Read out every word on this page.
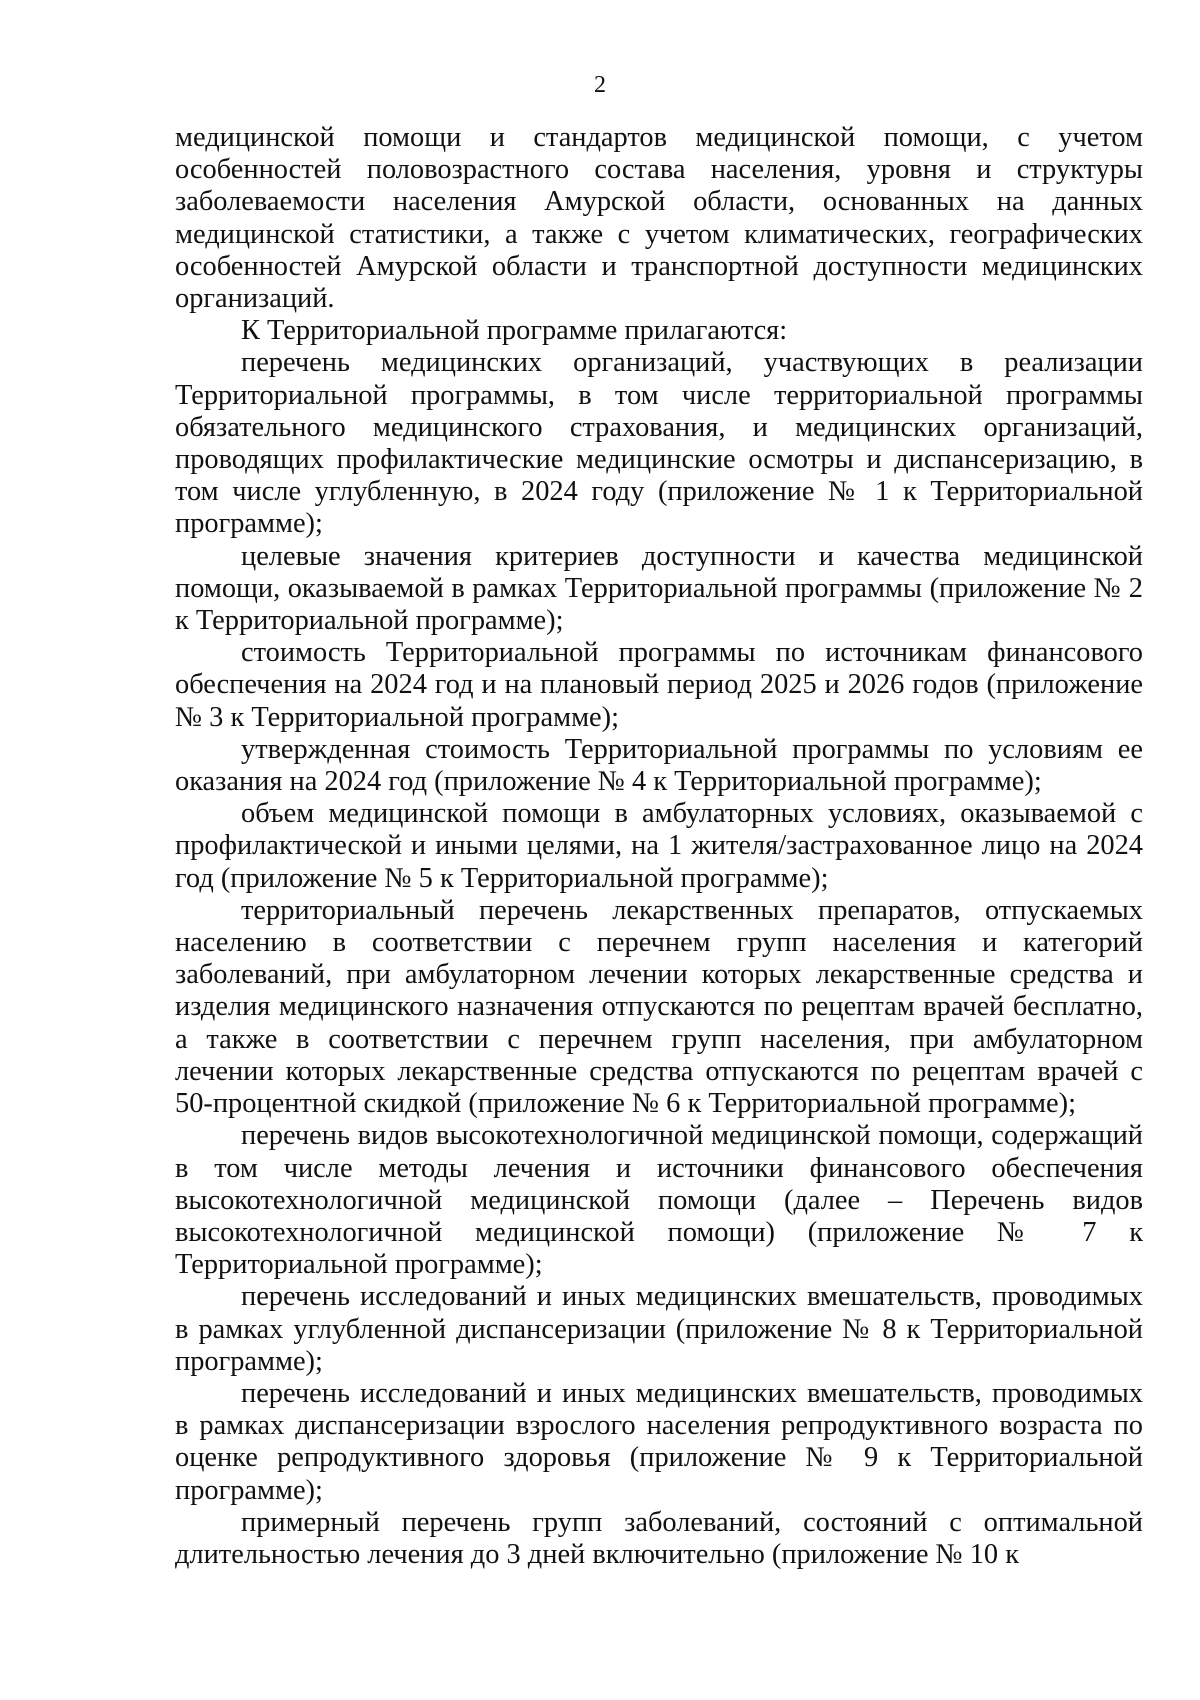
2

медицинской помощи и стандартов медицинской помощи, с учетом особенностей половозрастного состава населения, уровня и структуры заболеваемости населения Амурской области, основанных на данных медицинской статистики, а также с учетом климатических, географических особенностей Амурской области и транспортной доступности медицинских организаций.

К Территориальной программе прилагаются:

перечень медицинских организаций, участвующих в реализации Территориальной программы, в том числе территориальной программы обязательного медицинского страхования, и медицинских организаций, проводящих профилактические медицинские осмотры и диспансеризацию, в том числе углубленную, в 2024 году (приложение № 1 к Территориальной программе);

целевые значения критериев доступности и качества медицинской помощи, оказываемой в рамках Территориальной программы (приложение № 2 к Территориальной программе);

стоимость Территориальной программы по источникам финансового обеспечения на 2024 год и на плановый период 2025 и 2026 годов (приложение № 3 к Территориальной программе);

утвержденная стоимость Территориальной программы по условиям ее оказания на 2024 год (приложение № 4 к Территориальной программе);

объем медицинской помощи в амбулаторных условиях, оказываемой с профилактической и иными целями, на 1 жителя/застрахованное лицо на 2024 год (приложение № 5 к Территориальной программе);

территориальный перечень лекарственных препаратов, отпускаемых населению в соответствии с перечнем групп населения и категорий заболеваний, при амбулаторном лечении которых лекарственные средства и изделия медицинского назначения отпускаются по рецептам врачей бесплатно, а также в соответствии с перечнем групп населения, при амбулаторном лечении которых лекарственные средства отпускаются по рецептам врачей с 50-процентной скидкой (приложение № 6 к Территориальной программе);

перечень видов высокотехнологичной медицинской помощи, содержащий в том числе методы лечения и источники финансового обеспечения высокотехнологичной медицинской помощи (далее – Перечень видов высокотехнологичной медицинской помощи) (приложение № 7 к Территориальной программе);

перечень исследований и иных медицинских вмешательств, проводимых в рамках углубленной диспансеризации (приложение № 8 к Территориальной программе);

перечень исследований и иных медицинских вмешательств, проводимых в рамках диспансеризации взрослого населения репродуктивного возраста по оценке репродуктивного здоровья (приложение № 9 к Территориальной программе);

примерный перечень групп заболеваний, состояний с оптимальной длительностью лечения до 3 дней включительно (приложение № 10 к
